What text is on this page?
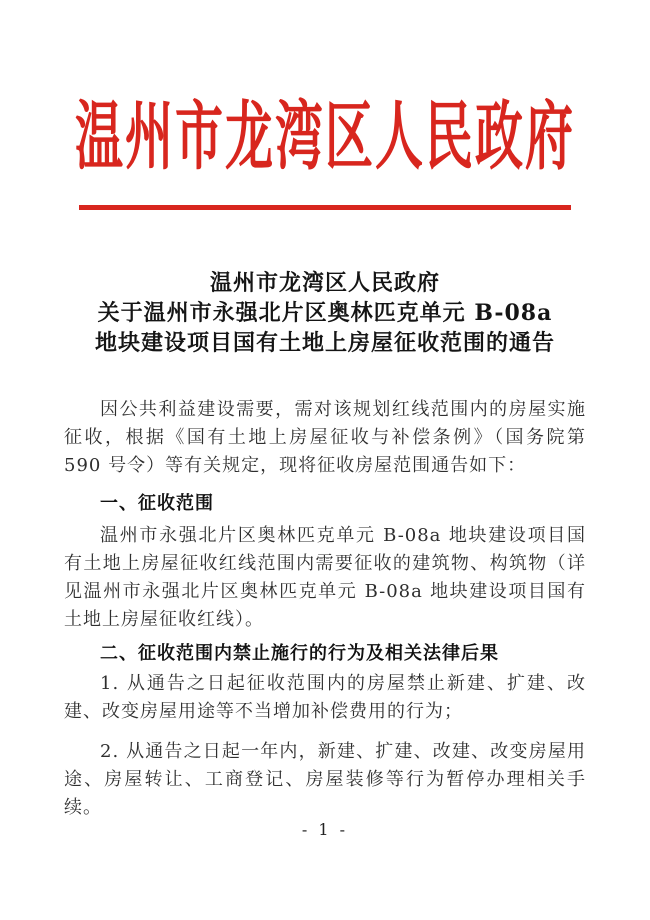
温州市龙湾区人民政府
温州市龙湾区人民政府
关于温州市永强北片区奥林匹克单元 B-08a
地块建设项目国有土地上房屋征收范围的通告

因公共利益建设需要，需对该规划红线范围内的房屋实施征收，根据《国有土地上房屋征收与补偿条例》（国务院第 590 号令）等有关规定，现将征收房屋范围通告如下：

一、征收范围

温州市永强北片区奥林匹克单元 B-08a 地块建设项目国有土地上房屋征收红线范围内需要征收的建筑物、构筑物（详见温州市永强北片区奥林匹克单元 B-08a 地块建设项目国有土地上房屋征收红线）。

二、征收范围内禁止施行的行为及相关法律后果

1. 从通告之日起征收范围内的房屋禁止新建、扩建、改建、改变房屋用途等不当增加补偿费用的行为；

2. 从通告之日起一年内，新建、扩建、改建、改变房屋用途、房屋转让、工商登记、房屋装修等行为暂停办理相关手续。

- 1 -
